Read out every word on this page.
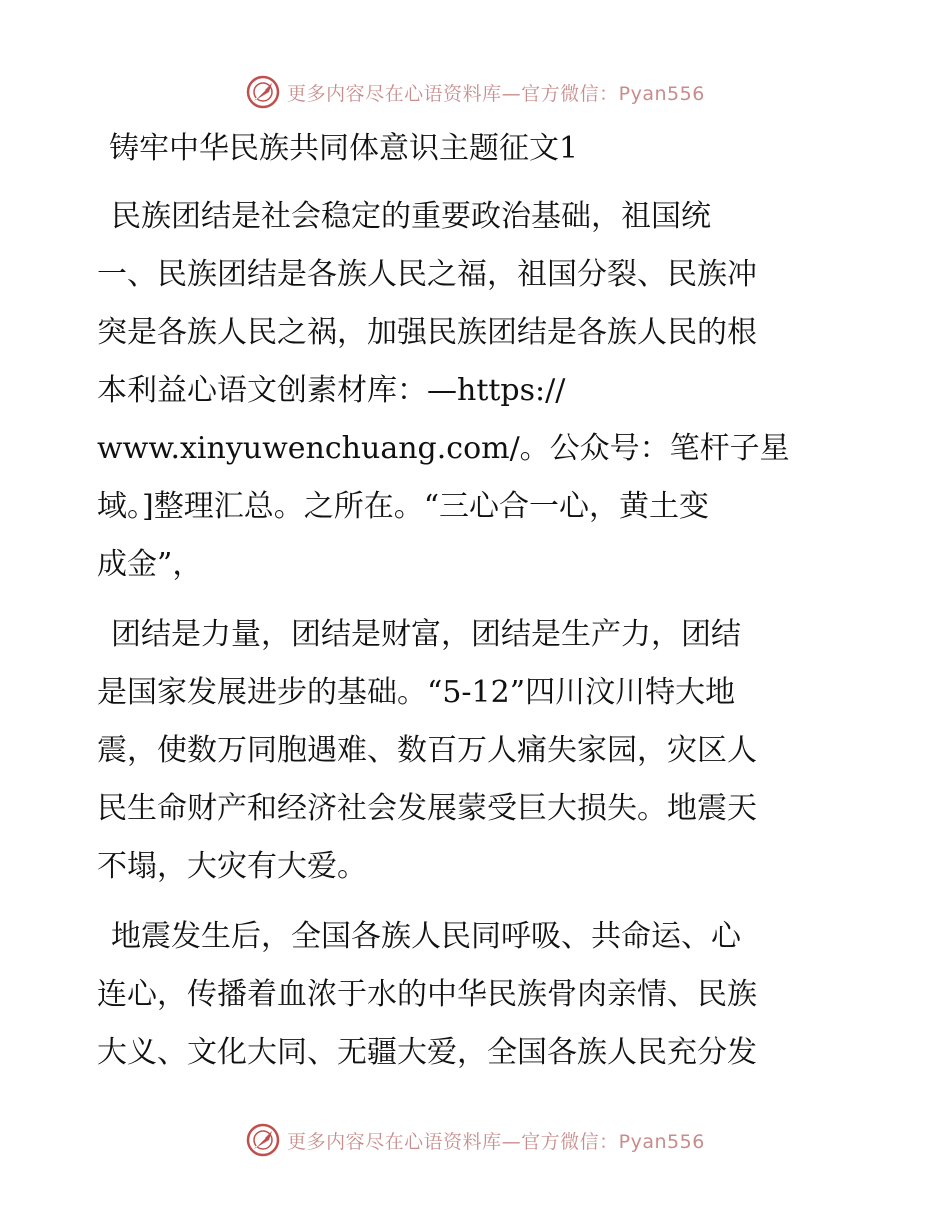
更多内容尽在心语资料库—官方微信：Pyan556
铸牢中华民族共同体意识主题征文1
民族团结是社会稳定的重要政治基础，祖国统
一、民族团结是各族人民之福，祖国分裂、民族冲
突是各族人民之祸，加强民族团结是各族人民的根
本利益心语文创素材库：—https://
www.xinyuwenchuang.com/。公众号：笔杆子星
域。]整理汇总。之所在。“三心合一心，黄土变
成金”，
团结是力量，团结是财富，团结是生产力，团结
是国家发展进步的基础。“5-12”四川汶川特大地
震，使数万同胞遇难、数百万人痛失家园，灾区人
民生命财产和经济社会发展蒙受巨大损失。地震天
不塌，大灾有大爱。
地震发生后，全国各族人民同呼吸、共命运、心
连心，传播着血浓于水的中华民族骨肉亲情、民族
大义、文化大同、无疆大爱，全国各族人民充分发
更多内容尽在心语资料库—官方微信：Pyan556
